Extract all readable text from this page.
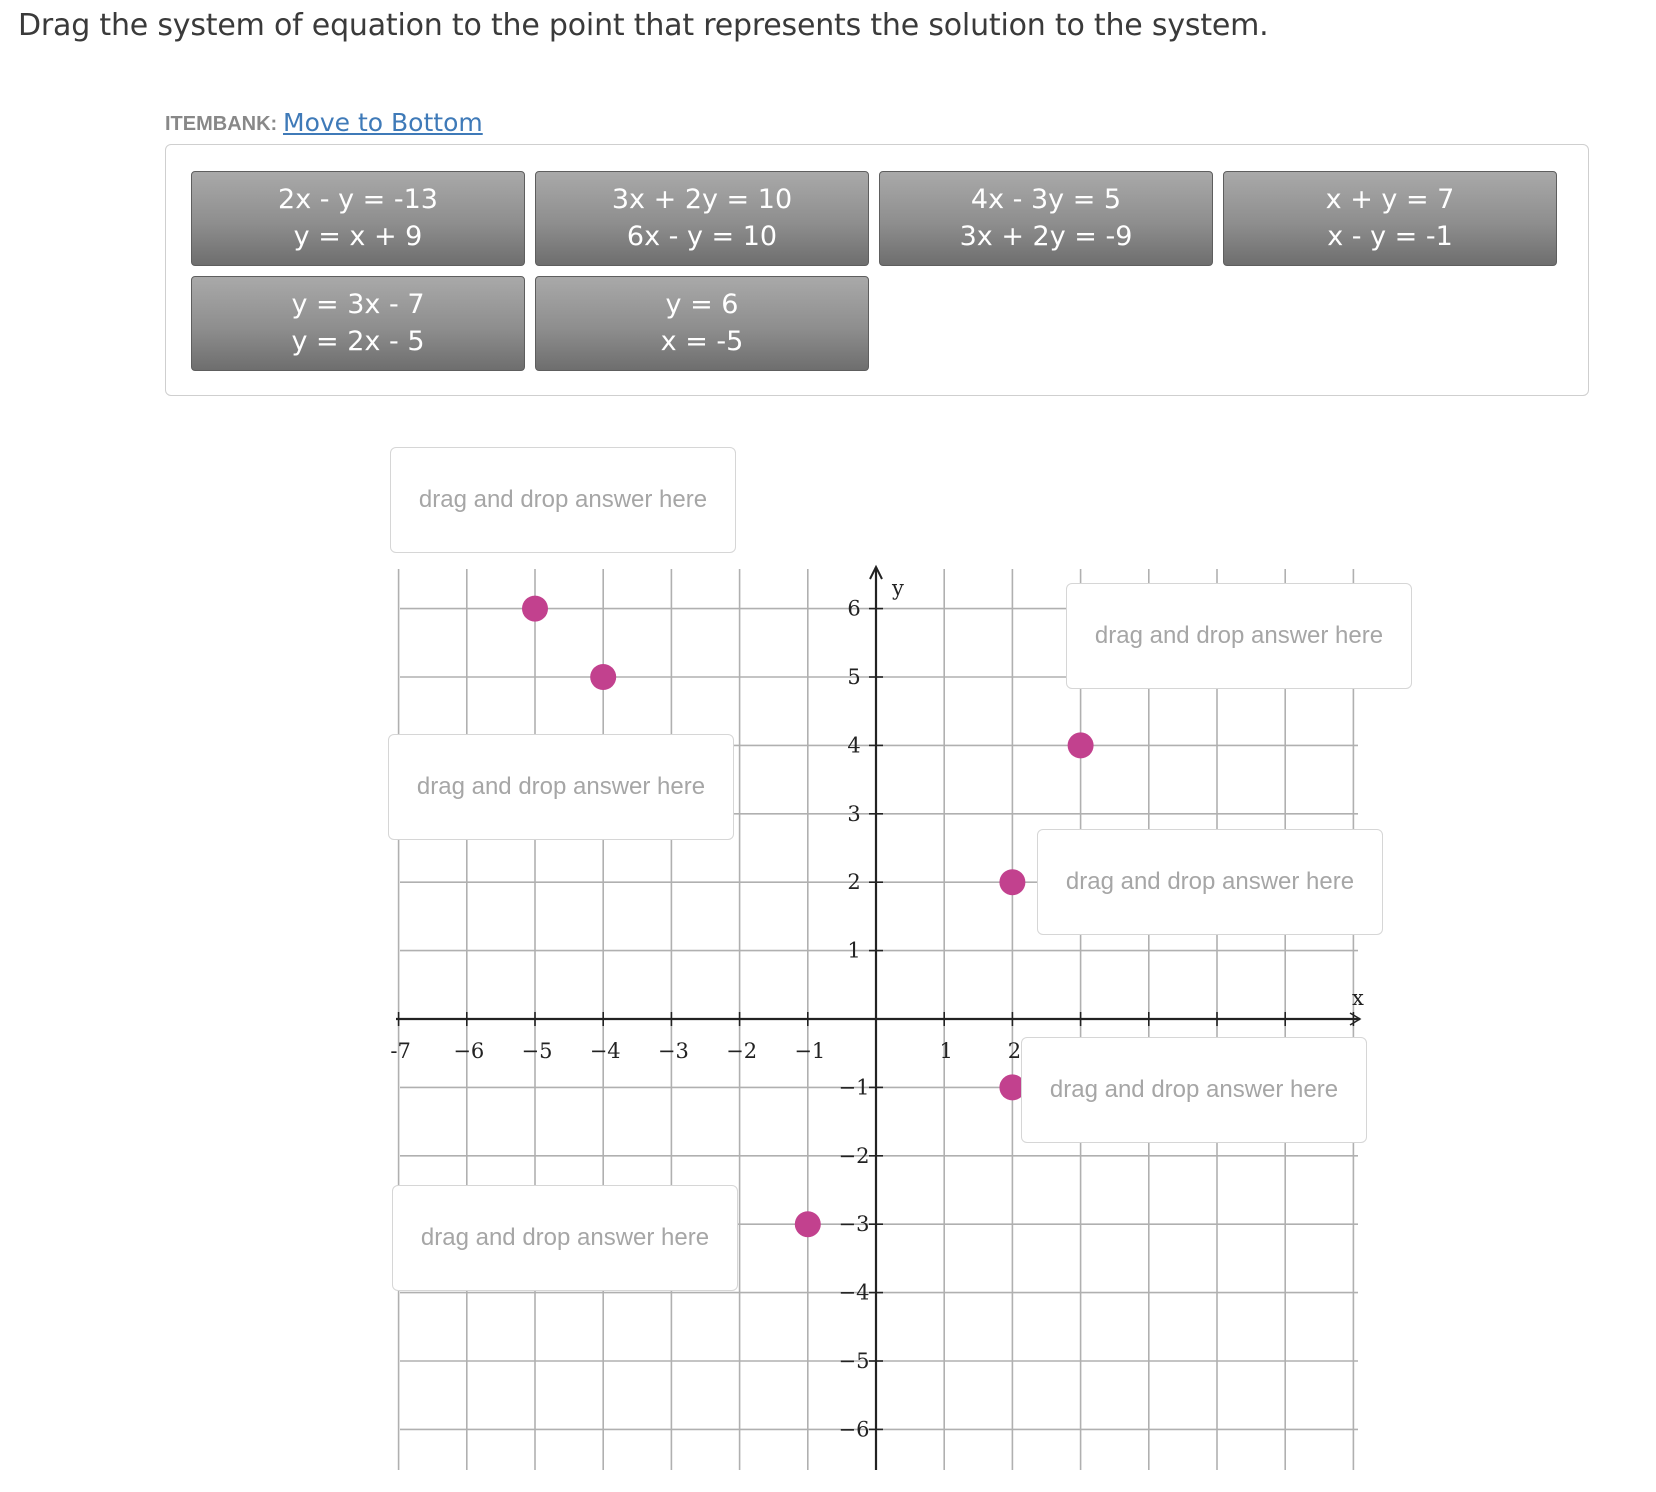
Drag the system of equation to the point that represents the solution to the system.
ITEMBANK: Move to Bottom
2x - y = -13
y = x + 9
3x + 2y = 10
6x - y = 10
4x - 3y = 5
3x + 2y = -9
x + y = 7
x - y = -1
y = 3x - 7
y = 2x - 5
y = 6
x = -5
y
x
-7 −6 −5 −4 −3 −2 −1	1	2
6
5
4
3
2
1
−1
−2
−3
−4
−5
−6
drag and drop answer here
drag and drop answer here
drag and drop answer here
drag and drop answer here
drag and drop answer here
drag and drop answer here
